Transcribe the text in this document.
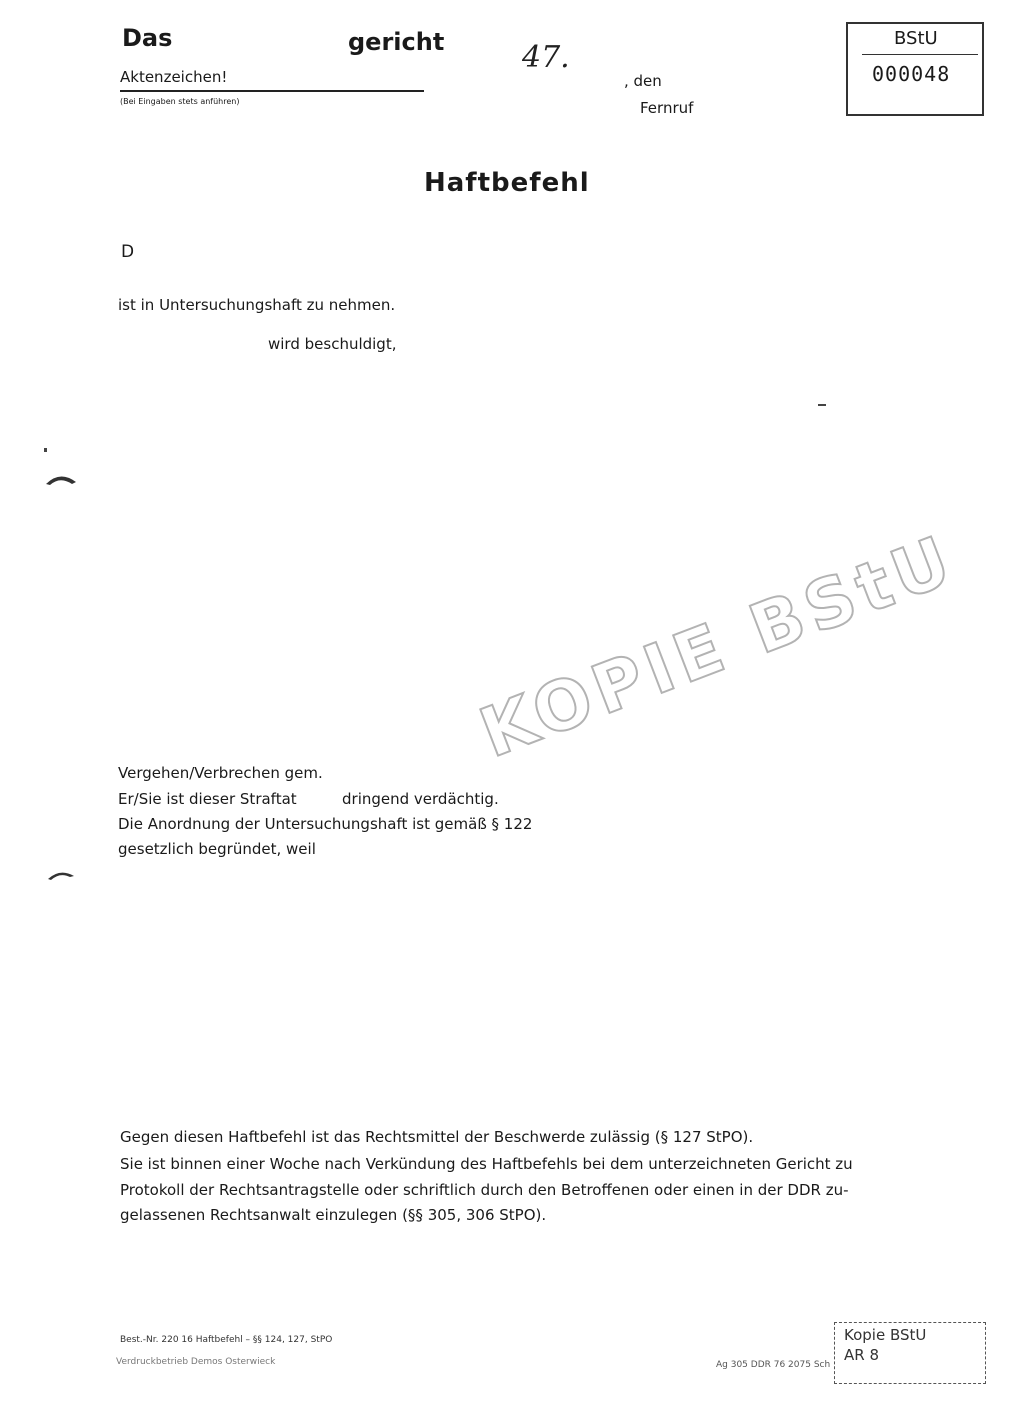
Das	gericht	47.
Aktenzeichen!
(Bei Eingaben stets anführen)
, den
Fernruf
BStU
000048
Haftbefehl
D
ist in Untersuchungshaft zu nehmen.
wird beschuldigt,
Vergehen/Verbrechen gem.
Er/Sie ist dieser Straftat	dringend verdächtig.
Die Anordnung der Untersuchungshaft ist gemäß § 122
gesetzlich begründet, weil
Gegen diesen Haftbefehl ist das Rechtsmittel der Beschwerde zulässig (§ 127 StPO).
Sie ist binnen einer Woche nach Verkündung des Haftbefehls bei dem unterzeichneten Gericht zu
Protokoll der Rechtsantragstelle oder schriftlich durch den Betroffenen oder einen in der DDR zu-
gelassenen Rechtsanwalt einzulegen (§§ 305, 306 StPO).
Best.-Nr. 220 16 Haftbefehl – §§ 124, 127, StPO
Verdruckbetrieb Demos Osterwieck	Ag 305 DDR 76 2075 Sch
Kopie BStU
AR 8
KOPIE BStU
